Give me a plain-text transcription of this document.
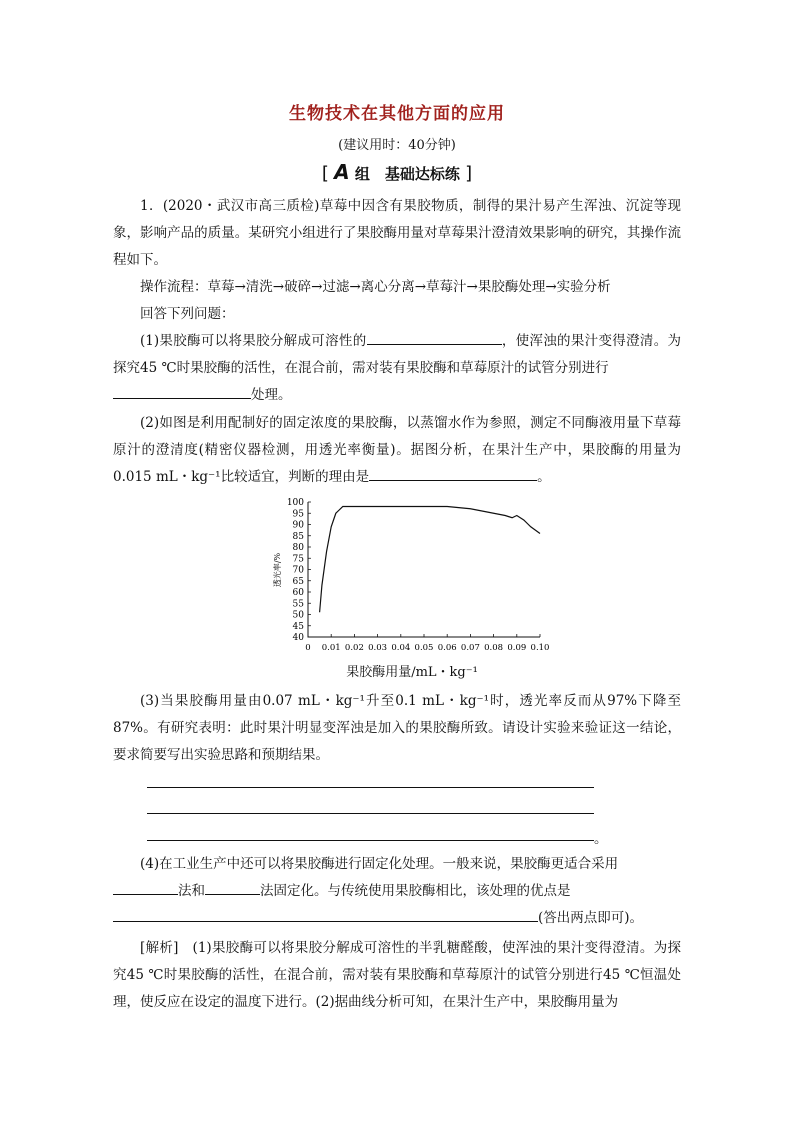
生物技术在其他方面的应用
(建议用时：40分钟)
[ A 组　基础达标练 ]
1．(2020・武汉市高三质检)草莓中因含有果胶物质，制得的果汁易产生浑浊、沉淀等现象，影响产品的质量。某研究小组进行了果胶酶用量对草莓果汁澄清效果影响的研究，其操作流程如下。
操作流程：草莓→清洗→破碎→过滤→离心分离→草莓汁→果胶酶处理→实验分析
回答下列问题：
(1)果胶酶可以将果胶分解成可溶性的	，使浑浊的果汁变得澄清。为探究45 ℃时果胶酶的活性，在混合前，需对装有果胶酶和草莓原汁的试管分别进行
处理。
(2)如图是利用配制好的固定浓度的果胶酶，以蒸馏水作为参照，测定不同酶液用量下草莓原汁的澄清度(精密仪器检测，用透光率衡量)。据图分析，在果汁生产中，果胶酶的用量为0.015 mL・kg⁻¹比较适宜，判断的理由是	。
透光率/%
40
45
50
55
60
65
70
75
80
85
90
95
100
0 0.01 0.02 0.03 0.04 0.05 0.06 0.07 0.08 0.09 0.10
果胶酶用量/mL・kg⁻¹
(3)当果胶酶用量由0.07 mL・kg⁻¹升至0.1 mL・kg⁻¹时，透光率反而从97%下降至87%。有研究表明：此时果汁明显变浑浊是加入的果胶酶所致。请设计实验来验证这一结论，要求简要写出实验思路和预期结果。
。
(4)在工业生产中还可以将果胶酶进行固定化处理。一般来说，果胶酶更适合采用
法和	法固定化。与传统使用果胶酶相比，该处理的优点是
(答出两点即可)。
[解析]　(1)果胶酶可以将果胶分解成可溶性的半乳糖醛酸，使浑浊的果汁变得澄清。为探究45 ℃时果胶酶的活性，在混合前，需对装有果胶酶和草莓原汁的试管分别进行45 ℃恒温处理，使反应在设定的温度下进行。(2)据曲线分析可知，在果汁生产中，果胶酶用量为
